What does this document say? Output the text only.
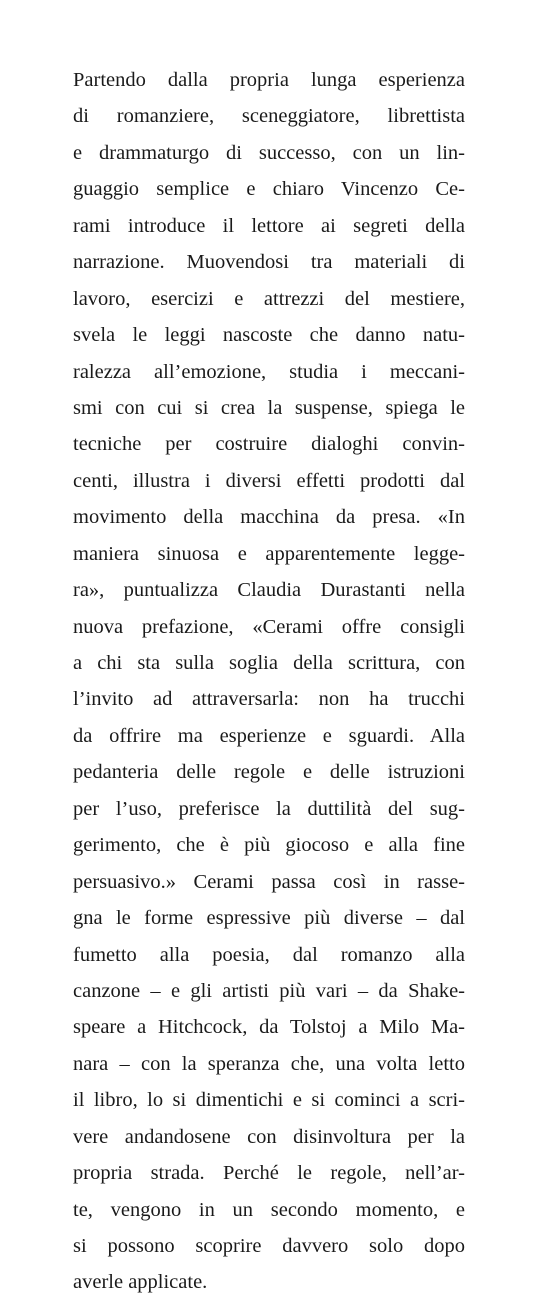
Partendo dalla propria lunga esperienza
di romanziere, sceneggiatore, librettista
e drammaturgo di successo, con un lin-
guaggio semplice e chiaro Vincenzo Ce-
rami introduce il lettore ai segreti della
narrazione. Muovendosi tra materiali di
lavoro, esercizi e attrezzi del mestiere,
svela le leggi nascoste che danno natu-
ralezza all’emozione, studia i meccani-
smi con cui si crea la suspense, spiega le
tecniche per costruire dialoghi convin-
centi, illustra i diversi effetti prodotti dal
movimento della macchina da presa. «In
maniera sinuosa e apparentemente legge-
ra», puntualizza Claudia Durastanti nella
nuova prefazione, «Cerami offre consigli
a chi sta sulla soglia della scrittura, con
l’invito ad attraversarla: non ha trucchi
da offrire ma esperienze e sguardi. Alla
pedanteria delle regole e delle istruzioni
per l’uso, preferisce la duttilità del sug-
gerimento, che è più giocoso e alla fine
persuasivo.» Cerami passa così in rasse-
gna le forme espressive più diverse – dal
fumetto alla poesia, dal romanzo alla
canzone – e gli artisti più vari – da Shake-
speare a Hitchcock, da Tolstoj a Milo Ma-
nara – con la speranza che, una volta letto
il libro, lo si dimentichi e si cominci a scri-
vere andandosene con disinvoltura per la
propria strada. Perché le regole, nell’ar-
te, vengono in un secondo momento, e
si possono scoprire davvero solo dopo
averle applicate.
